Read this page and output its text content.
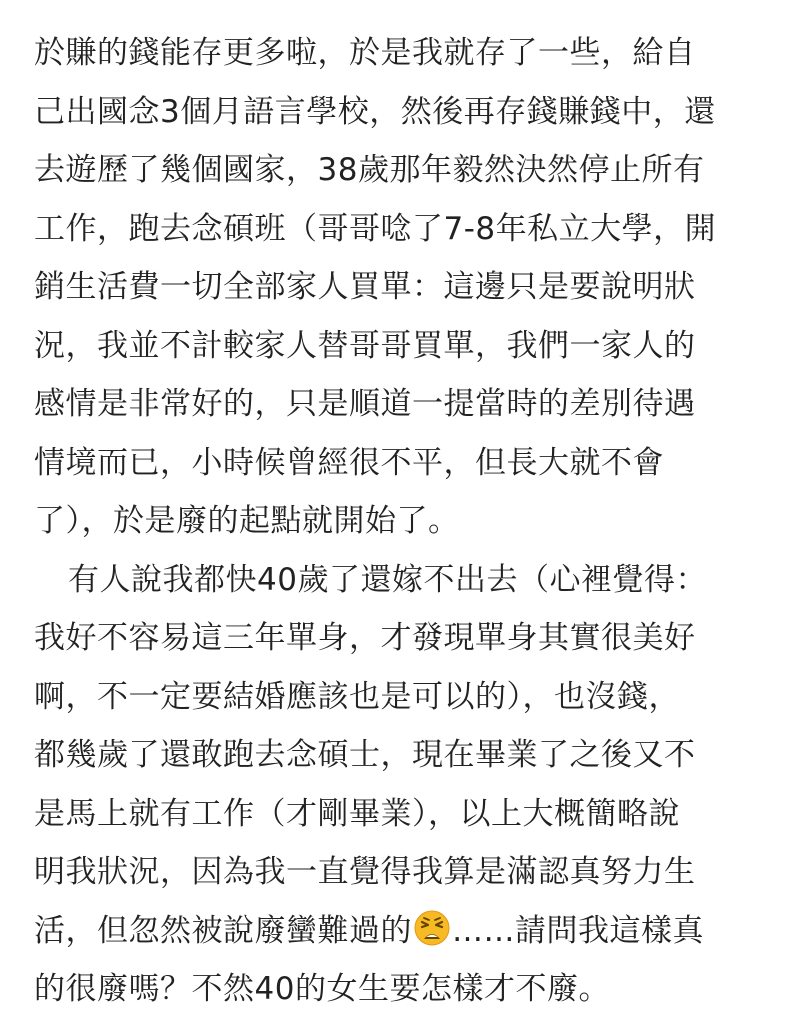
於賺的錢能存更多啦，於是我就存了一些，給自
己出國念3個月語言學校，然後再存錢賺錢中，還
去遊歷了幾個國家，38歲那年毅然決然停止所有
工作，跑去念碩班（哥哥唸了7-8年私立大學，開
銷生活費一切全部家人買單：這邊只是要說明狀
況，我並不計較家人替哥哥買單，我們一家人的
感情是非常好的，只是順道一提當時的差別待遇
情境而已，小時候曾經很不平，但長大就不會
了），於是廢的起點就開始了。
有人說我都快40歲了還嫁不出去（心裡覺得：
我好不容易這三年單身，才發現單身其實很美好
啊，不一定要結婚應該也是可以的），也沒錢，
都幾歲了還敢跑去念碩士，現在畢業了之後又不
是馬上就有工作（才剛畢業），以上大概簡略說
明我狀況，因為我一直覺得我算是滿認真努力生
活，但忽然被說廢蠻難過的 ……請問我這樣真
的很廢嗎？不然40的女生要怎樣才不廢。
